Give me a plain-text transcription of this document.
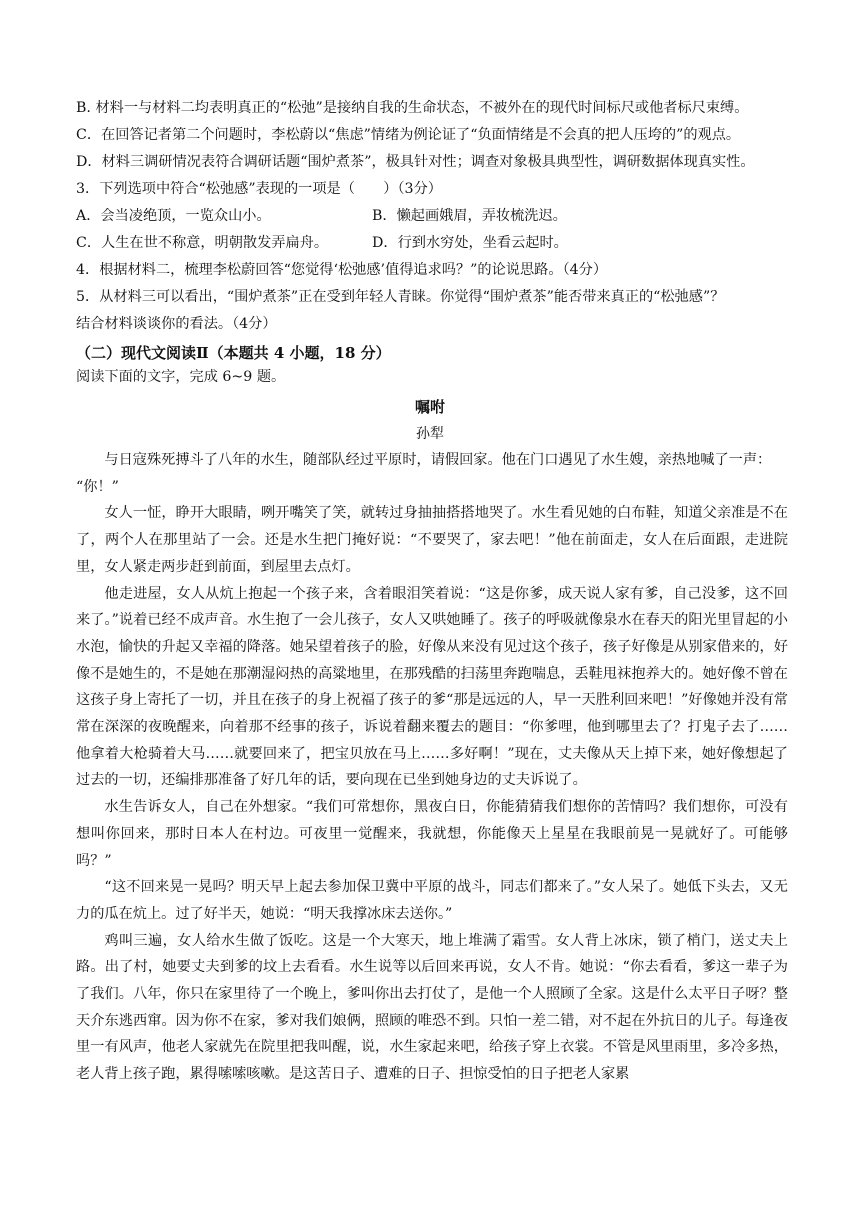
B. 材料一与材料二均表明真正的“松弛”是接纳自我的生命状态，不被外在的现代时间标尺或他者标尺束缚。
C．在回答记者第二个问题时，李松蔚以“焦虑”情绪为例论证了“负面情绪是不会真的把人压垮的”的观点。
D．材料三调研情况表符合调研话题“围炉煮茶”，极具针对性；调查对象极具典型性，调研数据体现真实性。
3．下列选项中符合“松弛感”表现的一项是（　　）（3分）
A．会当凌绝顶，一览众山小。	B．懒起画娥眉，弄妆梳洗迟。
C．人生在世不称意，明朝散发弄扁舟。	D．行到水穷处，坐看云起时。
4．根据材料二，梳理李松蔚回答“您觉得‘松弛感’值得追求吗？”的论说思路。（4分）
5．从材料三可以看出，“围炉煮茶”正在受到年轻人青睐。你觉得“围炉煮茶”能否带来真正的“松弛感”？
结合材料谈谈你的看法。（4分）
（二）现代文阅读Ⅱ（本题共 4 小题，18 分）
阅读下面的文字，完成 6~9 题。
嘱咐
孙犁

与日寇殊死搏斗了八年的水生，随部队经过平原时，请假回家。他在门口遇见了水生嫂，亲热地喊了一声：

“你！”

女人一怔，睁开大眼睛，咧开嘴笑了笑，就转过身抽抽搭搭地哭了。水生看见她的白布鞋，知道父亲准是不在了，两个人在那里站了一会。还是水生把门掩好说：“不要哭了，家去吧！”他在前面走，女人在后面跟，走进院里，女人紧走两步赶到前面，到屋里去点灯。

他走进屋，女人从炕上抱起一个孩子来，含着眼泪笑着说：“这是你爹，成天说人家有爹，自己没爹，这不回来了。”说着已经不成声音。水生抱了一会儿孩子，女人又哄她睡了。孩子的呼吸就像泉水在春天的阳光里冒起的小水泡，愉快的升起又幸福的降落。她呆望着孩子的脸，好像从来没有见过这个孩子，孩子好像是从别家借来的，好像不是她生的，不是她在那潮湿闷热的高粱地里，在那残酷的扫荡里奔跑喘息，丢鞋甩袜抱养大的。她好像不曾在这孩子身上寄托了一切，并且在孩子的身上祝福了孩子的爹“那是远远的人，早一天胜利回来吧！”好像她并没有常常在深深的夜晚醒来，向着那不经事的孩子，诉说着翻来覆去的题目：“你爹哩，他到哪里去了？打鬼子去了……他拿着大枪骑着大马……就要回来了，把宝贝放在马上……多好啊！”现在，丈夫像从天上掉下来，她好像想起了过去的一切，还编排那准备了好几年的话，要向现在已坐到她身边的丈夫诉说了。

水生告诉女人，自己在外想家。“我们可常想你，黑夜白日，你能猜猜我们想你的苦情吗？我们想你，可没有想叫你回来，那时日本人在村边。可夜里一觉醒来，我就想，你能像天上星星在我眼前晃一晃就好了。可能够吗？”

“这不回来晃一晃吗？明天早上起去参加保卫冀中平原的战斗，同志们都来了。”女人呆了。她低下头去，又无力的瓜在炕上。过了好半天，她说：“明天我撑冰床去送你。”

鸡叫三遍，女人给水生做了饭吃。这是一个大寒天，地上堆满了霜雪。女人背上冰床，锁了梢门，送丈夫上路。出了村，她要丈夫到爹的坟上去看看。水生说等以后回来再说，女人不肯。她说：“你去看看，爹这一辈子为了我们。八年，你只在家里待了一个晚上，爹叫你出去打仗了，是他一个人照顾了全家。这是什么太平日子呀？整天介东逃西窜。因为你不在家，爹对我们娘俩，照顾的唯恐不到。只怕一差二错，对不起在外抗日的儿子。每逢夜里一有风声，他老人家就先在院里把我叫醒，说，水生家起来吧，给孩子穿上衣裳。不管是风里雨里，多冷多热，老人背上孩子跑，累得嗦嗦咳嗽。是这苦日子、遭难的日子、担惊受怕的日子把老人家累
